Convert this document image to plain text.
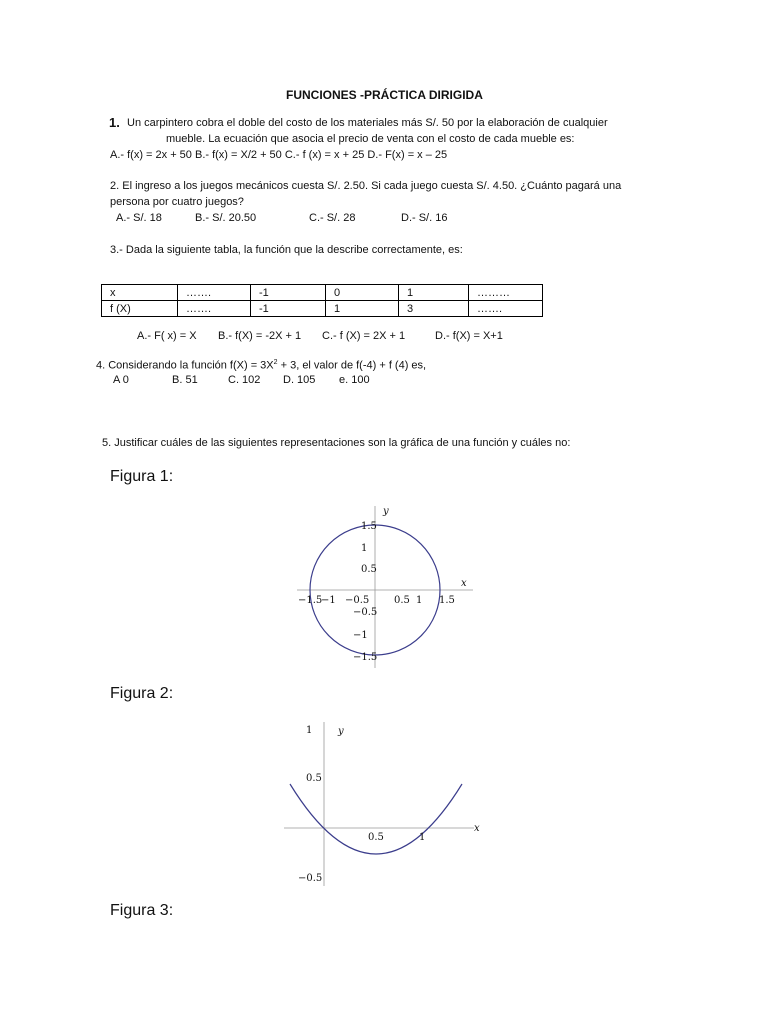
FUNCIONES -PRÁCTICA DIRIGIDA
1. Un carpintero cobra el doble del costo de los materiales más S/. 50 por la elaboración de cualquier
mueble. La ecuación que asocia el precio de venta con el costo de cada mueble es:
A.- f(x) = 2x + 50 B.- f(x) = X/2 + 50 C.- f (x) = x + 25 D.- F(x) = x – 25
2. El ingreso a los juegos mecánicos cuesta S/. 2.50. Si cada juego cuesta S/. 4.50. ¿Cuánto pagará una
persona por cuatro juegos?
A.- S/. 18	B.- S/. 20.50	C.- S/. 28	D.- S/. 16
3.- Dada la siguiente tabla, la función que la describe correctamente, es:
x	…….	-1	0	1	………
f (X)	…….	-1	1	3	…….
A.- F( x) = X B.- f(X) = -2X + 1 C.- f (X) = 2X + 1	D.- f(X) = X+1
4. Considerando la función $f(X) = 3X^2 + 3$, el valor de f(-4) + f (4) es,
A 0	B. 51	C. 102 D. 105 e. 100
5. Justificar cuáles de las siguientes representaciones son la gráfica de una función y cuáles no:
Figura 1:
x
y
−1.5
−1 −0.5 0.5 1 1.5
1.5
1
0.5
−0.5
−1
−1.5
Figura 2:
x
y
0.5	1
1
0.5
−0.5
Figura 3:
